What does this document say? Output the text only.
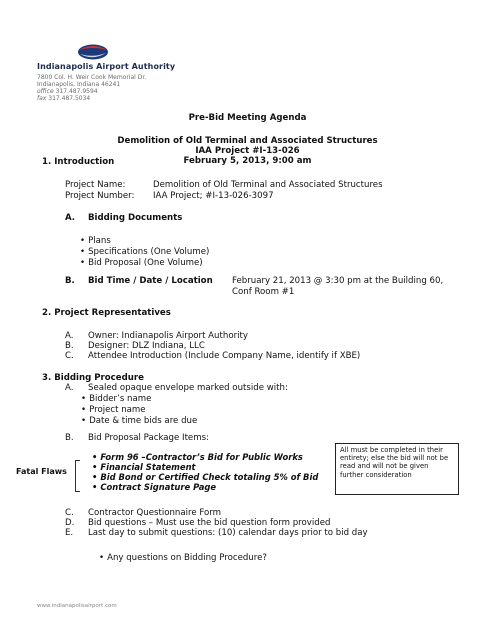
Indianapolis Airport Authority
7800 Col. H. Weir Cook Memorial Dr.
Indianapolis, Indiana 46241
office 317.487.9594
fax 317.487.5034
Pre-Bid Meeting Agenda
Demolition of Old Terminal and Associated Structures
IAA Project #I-13-026
February 5, 2013, 9:00 am
1. Introduction
Project Name:	Demolition of Old Terminal and Associated Structures
Project Number: IAA Project; #I-13-026-3097
A. Bidding Documents
• Plans
• Specifications (One Volume)
• Bid Proposal (One Volume)
B. Bid Time / Date / Location February 21, 2013 @ 3:30 pm at the Building 60,
Conf Room #1
2. Project Representatives
A. Owner: Indianapolis Airport Authority
B. Designer: DLZ Indiana, LLC
C. Attendee Introduction (Include Company Name, identify if XBE)
3. Bidding Procedure
A. Sealed opaque envelope marked outside with:
• Bidder’s name
• Project name
• Date & time bids are due
B. Bid Proposal Package Items:
Fatal Flaws
• Form 96 –Contractor’s Bid for Public Works
• Financial Statement
• Bid Bond or Certified Check totaling 5% of Bid
• Contract Signature Page
All must be completed in their entirety; else the bid will not be read and will not be given further consideration
C. Contractor Questionnaire Form
D. Bid questions – Must use the bid question form provided
E. Last day to submit questions: (10) calendar days prior to bid day
• Any questions on Bidding Procedure?
www.indianapolisairport.com
